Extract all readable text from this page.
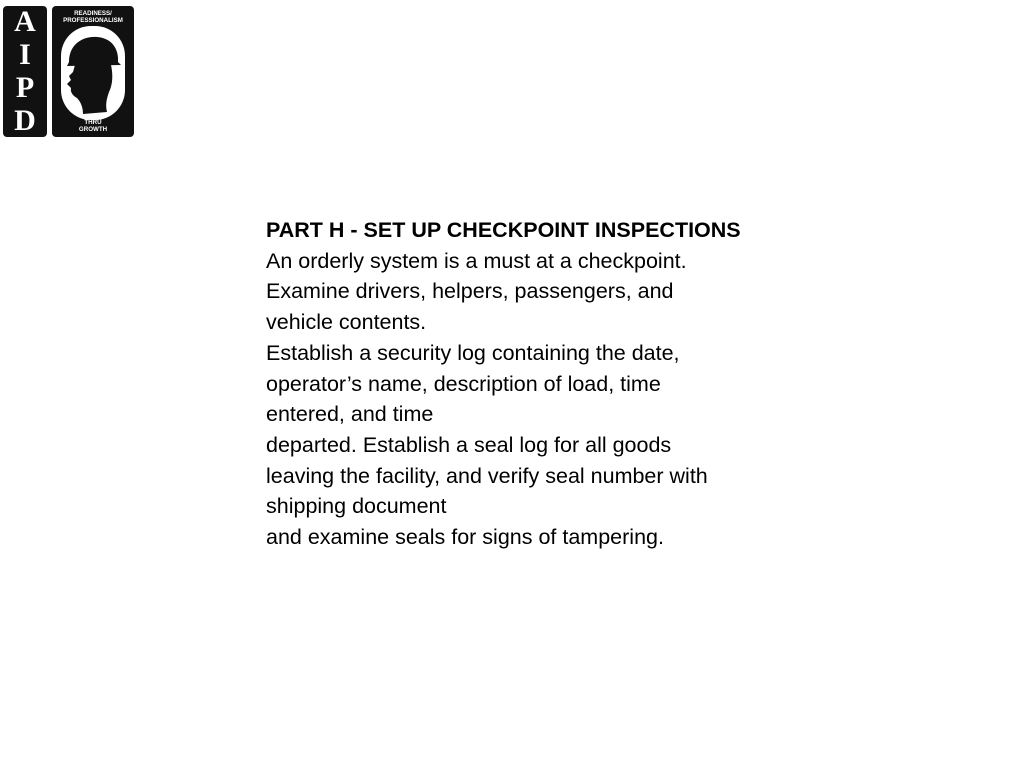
A
I
P
D
READINESS/
PROFESSIONALISM
THRU
GROWTH

PART H - SET UP CHECKPOINT INSPECTIONS

An orderly system is a must at a checkpoint.

Examine drivers, helpers, passengers, and

vehicle contents.

Establish a security log containing the date,

operator’s name, description of load, time

entered, and time

departed. Establish a seal log for all goods

leaving the facility, and verify seal number with

shipping document

and examine seals for signs of tampering.
